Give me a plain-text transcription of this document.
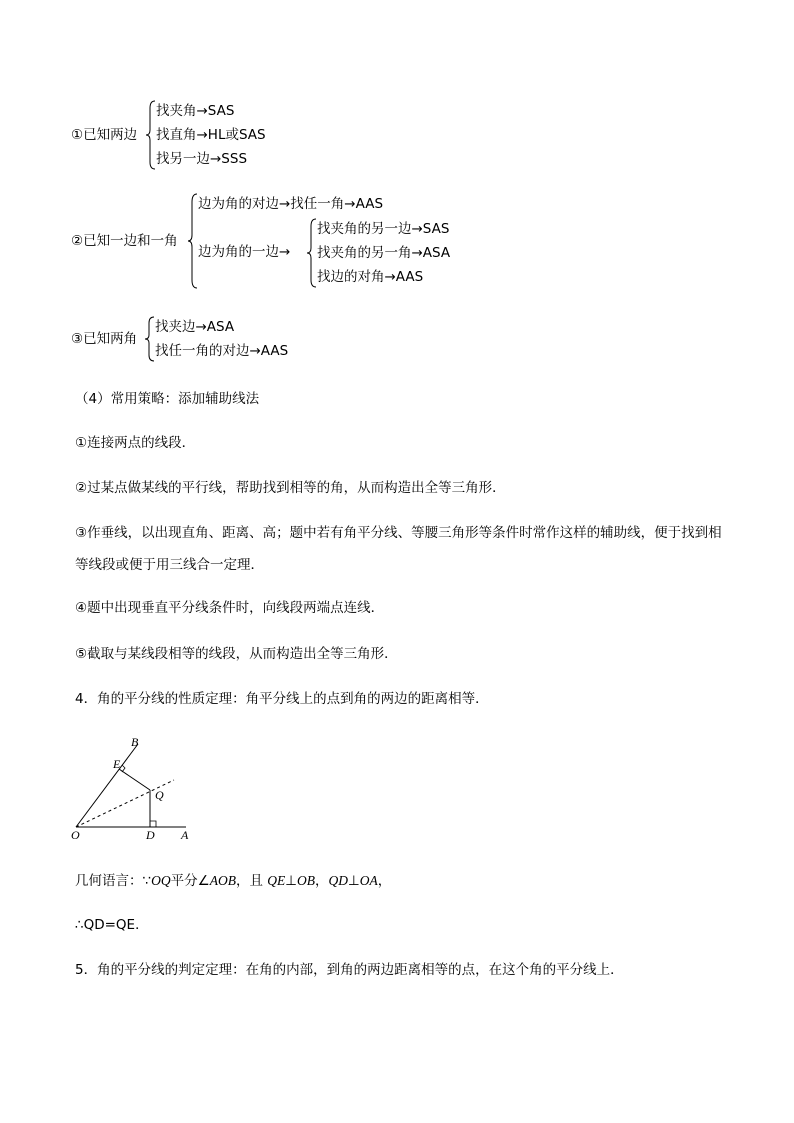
①已知两边
找夹角→SAS
找直角→HL或SAS
找另一边→SSS
②已知一边和一角
边为角的对边→找任一角→AAS
边为角的一边→
找夹角的另一边→SAS
找夹角的另一角→ASA
找边的对角→AAS
③已知两角
找夹边→ASA
找任一角的对边→AAS
（4）常用策略：添加辅助线法
①连接两点的线段．
②过某点做某线的平行线，帮助找到相等的角，从而构造出全等三角形．
③作垂线，以出现直角、距离、高；题中若有角平分线、等腰三角形等条件时常作这样的辅助线，便于找到相等线段或便于用三线合一定理．
④题中出现垂直平分线条件时，向线段两端点连线．
⑤截取与某线段相等的线段，从而构造出全等三角形．
4．角的平分线的性质定理：角平分线上的点到角的两边的距离相等．
B
E
Q
O	D A
几何语言：∵OQ平分∠AOB，且 QE⊥OB，QD⊥OA，
∴QD=QE．
5．角的平分线的判定定理：在角的内部，到角的两边距离相等的点，在这个角的平分线上．
